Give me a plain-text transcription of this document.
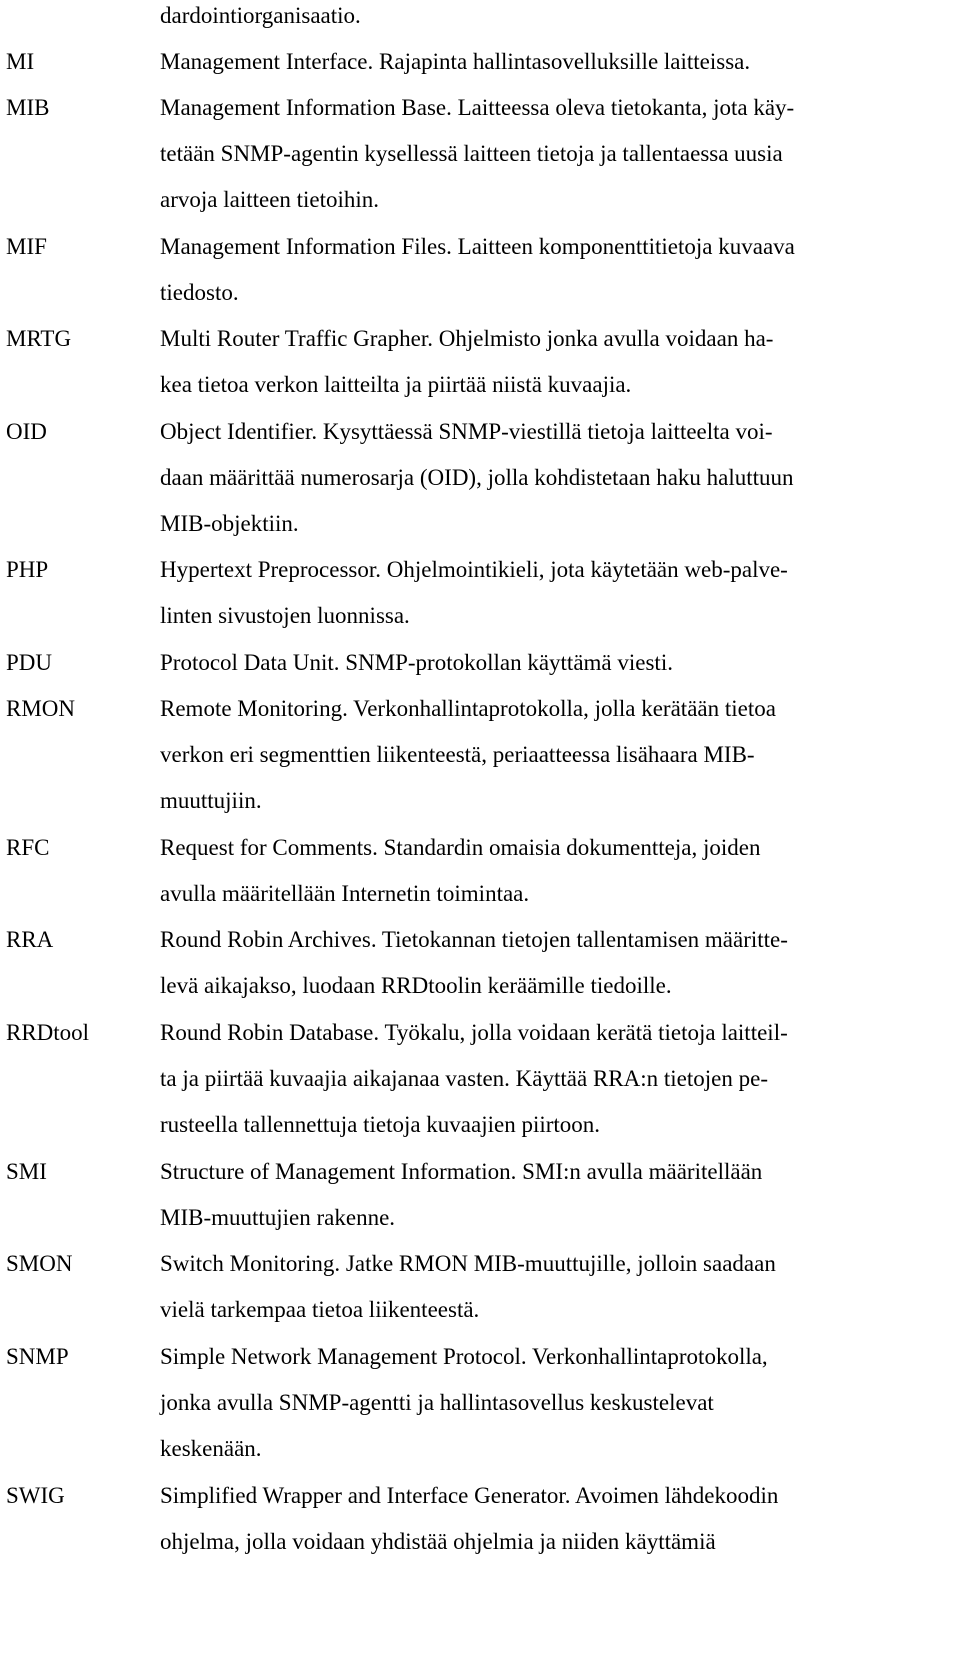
dardointiorganisaatio.
MI	Management Interface. Rajapinta hallintasovelluksille laitteissa.
MIB	Management Information Base. Laitteessa oleva tietokanta, jota käy-
tetään SNMP-agentin kysellessä laitteen tietoja ja tallentaessa uusia
arvoja laitteen tietoihin.
MIF	Management Information Files. Laitteen komponenttitietoja kuvaava
tiedosto.
MRTG	Multi Router Traffic Grapher. Ohjelmisto jonka avulla voidaan ha-
kea tietoa verkon laitteilta ja piirtää niistä kuvaajia.
OID	Object Identifier. Kysyttäessä SNMP-viestillä tietoja laitteelta voi-
daan määrittää numerosarja (OID), jolla kohdistetaan haku haluttuun
MIB-objektiin.
PHP	Hypertext Preprocessor. Ohjelmointikieli, jota käytetään web-palve-
linten sivustojen luonnissa.
PDU	Protocol Data Unit. SNMP-protokollan käyttämä viesti.
RMON	Remote Monitoring. Verkonhallintaprotokolla, jolla kerätään tietoa
verkon eri segmenttien liikenteestä, periaatteessa lisähaara MIB-
muuttujiin.
RFC	Request for Comments. Standardin omaisia dokumentteja, joiden
avulla määritellään Internetin toimintaa.
RRA	Round Robin Archives. Tietokannan tietojen tallentamisen määritte-
levä aikajakso, luodaan RRDtoolin keräämille tiedoille.
RRDtool	Round Robin Database. Työkalu, jolla voidaan kerätä tietoja laitteil-
ta ja piirtää kuvaajia aikajanaa vasten. Käyttää RRA:n tietojen pe-
rusteella tallennettuja tietoja kuvaajien piirtoon.
SMI	Structure of Management Information. SMI:n avulla määritellään
MIB-muuttujien rakenne.
SMON	Switch Monitoring. Jatke RMON MIB-muuttujille, jolloin saadaan
vielä tarkempaa tietoa liikenteestä.
SNMP	Simple Network Management Protocol. Verkonhallintaprotokolla,
jonka avulla SNMP-agentti ja hallintasovellus keskustelevat
keskenään.
SWIG	Simplified Wrapper and Interface Generator. Avoimen lähdekoodin
ohjelma, jolla voidaan yhdistää ohjelmia ja niiden käyttämiä
